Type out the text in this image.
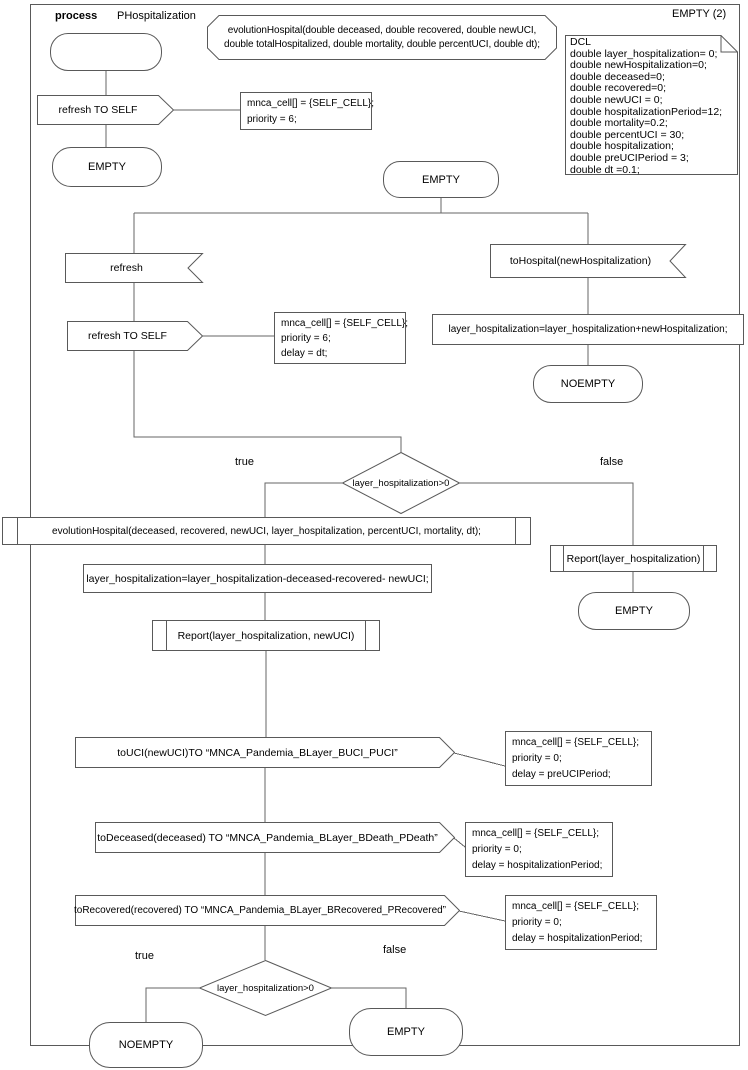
process PHospitalization	EMPTY (2)
evolutionHospital(double deceased, double recovered, double newUCI,
double totalHospitalized, double mortality, double percentUCI, double dt);	DCL
double layer_hospitalization= 0;
double newHospitalization=0;
double deceased=0;
double recovered=0;
double newUCI = 0;
double hospitalizationPeriod=12;
double mortality=0.2;
double percentUCI = 30;
double hospitalization;
double preUCIPeriod = 3;
double dt =0.1;
refresh TO SELF
mnca_cell[] = {SELF_CELL};
priority = 6;
EMPTY
EMPTY
refresh
refresh TO SELF
mnca_cell[] = {SELF_CELL};
priority = 6;
delay = dt;
toHospital(newHospitalization)
layer_hospitalization=layer_hospitalization+newHospitalization;
NOEMPTY
layer_hospitalization>0
true	false
evolutionHospital(deceased, recovered, newUCI, layer_hospitalization, percentUCI, mortality, dt);
Report(layer_hospitalization)
EMPTY
layer_hospitalization=layer_hospitalization-deceased-recovered- newUCI;
Report(layer_hospitalization, newUCI)
toUCI(newUCI)TO “MNCA_Pandemia_BLayer_BUCI_PUCI”
mnca_cell[] = {SELF_CELL};
priority = 0;
delay = preUCIPeriod;
toDeceased(deceased) TO “MNCA_Pandemia_BLayer_BDeath_PDeath”	mnca_cell[] = {SELF_CELL};
priority = 0;
delay = hospitalizationPeriod;
toRecovered(recovered) TO “MNCA_Pandemia_BLayer_BRecovered_PRecovered”	mnca_cell[] = {SELF_CELL};
priority = 0;
delay = hospitalizationPeriod;
layer_hospitalization>0
true	false
NOEMPTY
EMPTY
